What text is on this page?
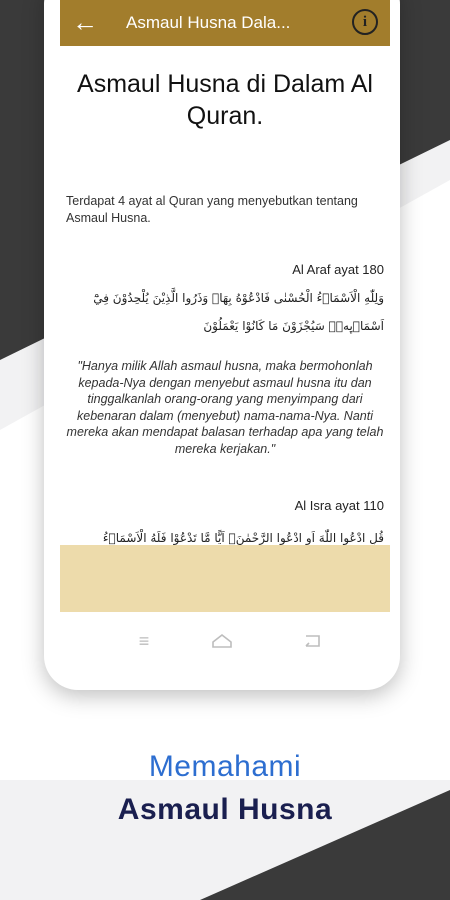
← Asmaul Husna Dala...	i
Asmaul Husna di Dalam Al Quran.
Terdapat 4 ayat al Quran yang menyebutkan tentang Asmaul Husna.
Al Araf ayat 180
وَلِلّٰهِ الْاَسْمَاۤءُ الْحُسْنٰى فَادْعُوْهُ بِهَاۖ وَذَرُوا الَّذِيْنَ يُلْحِدُوْنَ فِيْٓ اَسْمَاۤىِٕهٖۗ سَيُجْزَوْنَ مَا كَانُوْا يَعْمَلُوْنَ
"Hanya milik Allah asmaul husna, maka bermohonlah kepada-Nya dengan menyebut asmaul husna itu dan tinggalkanlah orang-orang yang menyimpang dari kebenaran dalam (menyebut) nama-nama-Nya. Nanti mereka akan mendapat balasan terhadap apa yang telah mereka kerjakan."
Al Isra ayat 110
قُلِ ادْعُوا اللّٰهَ اَوِ ادْعُوا الرَّحْمٰنَۗ اَيًّا مَّا تَدْعُوْا فَلَهُ الْاَسْمَاۤءُ
≡
Memahami
Asmaul Husna
